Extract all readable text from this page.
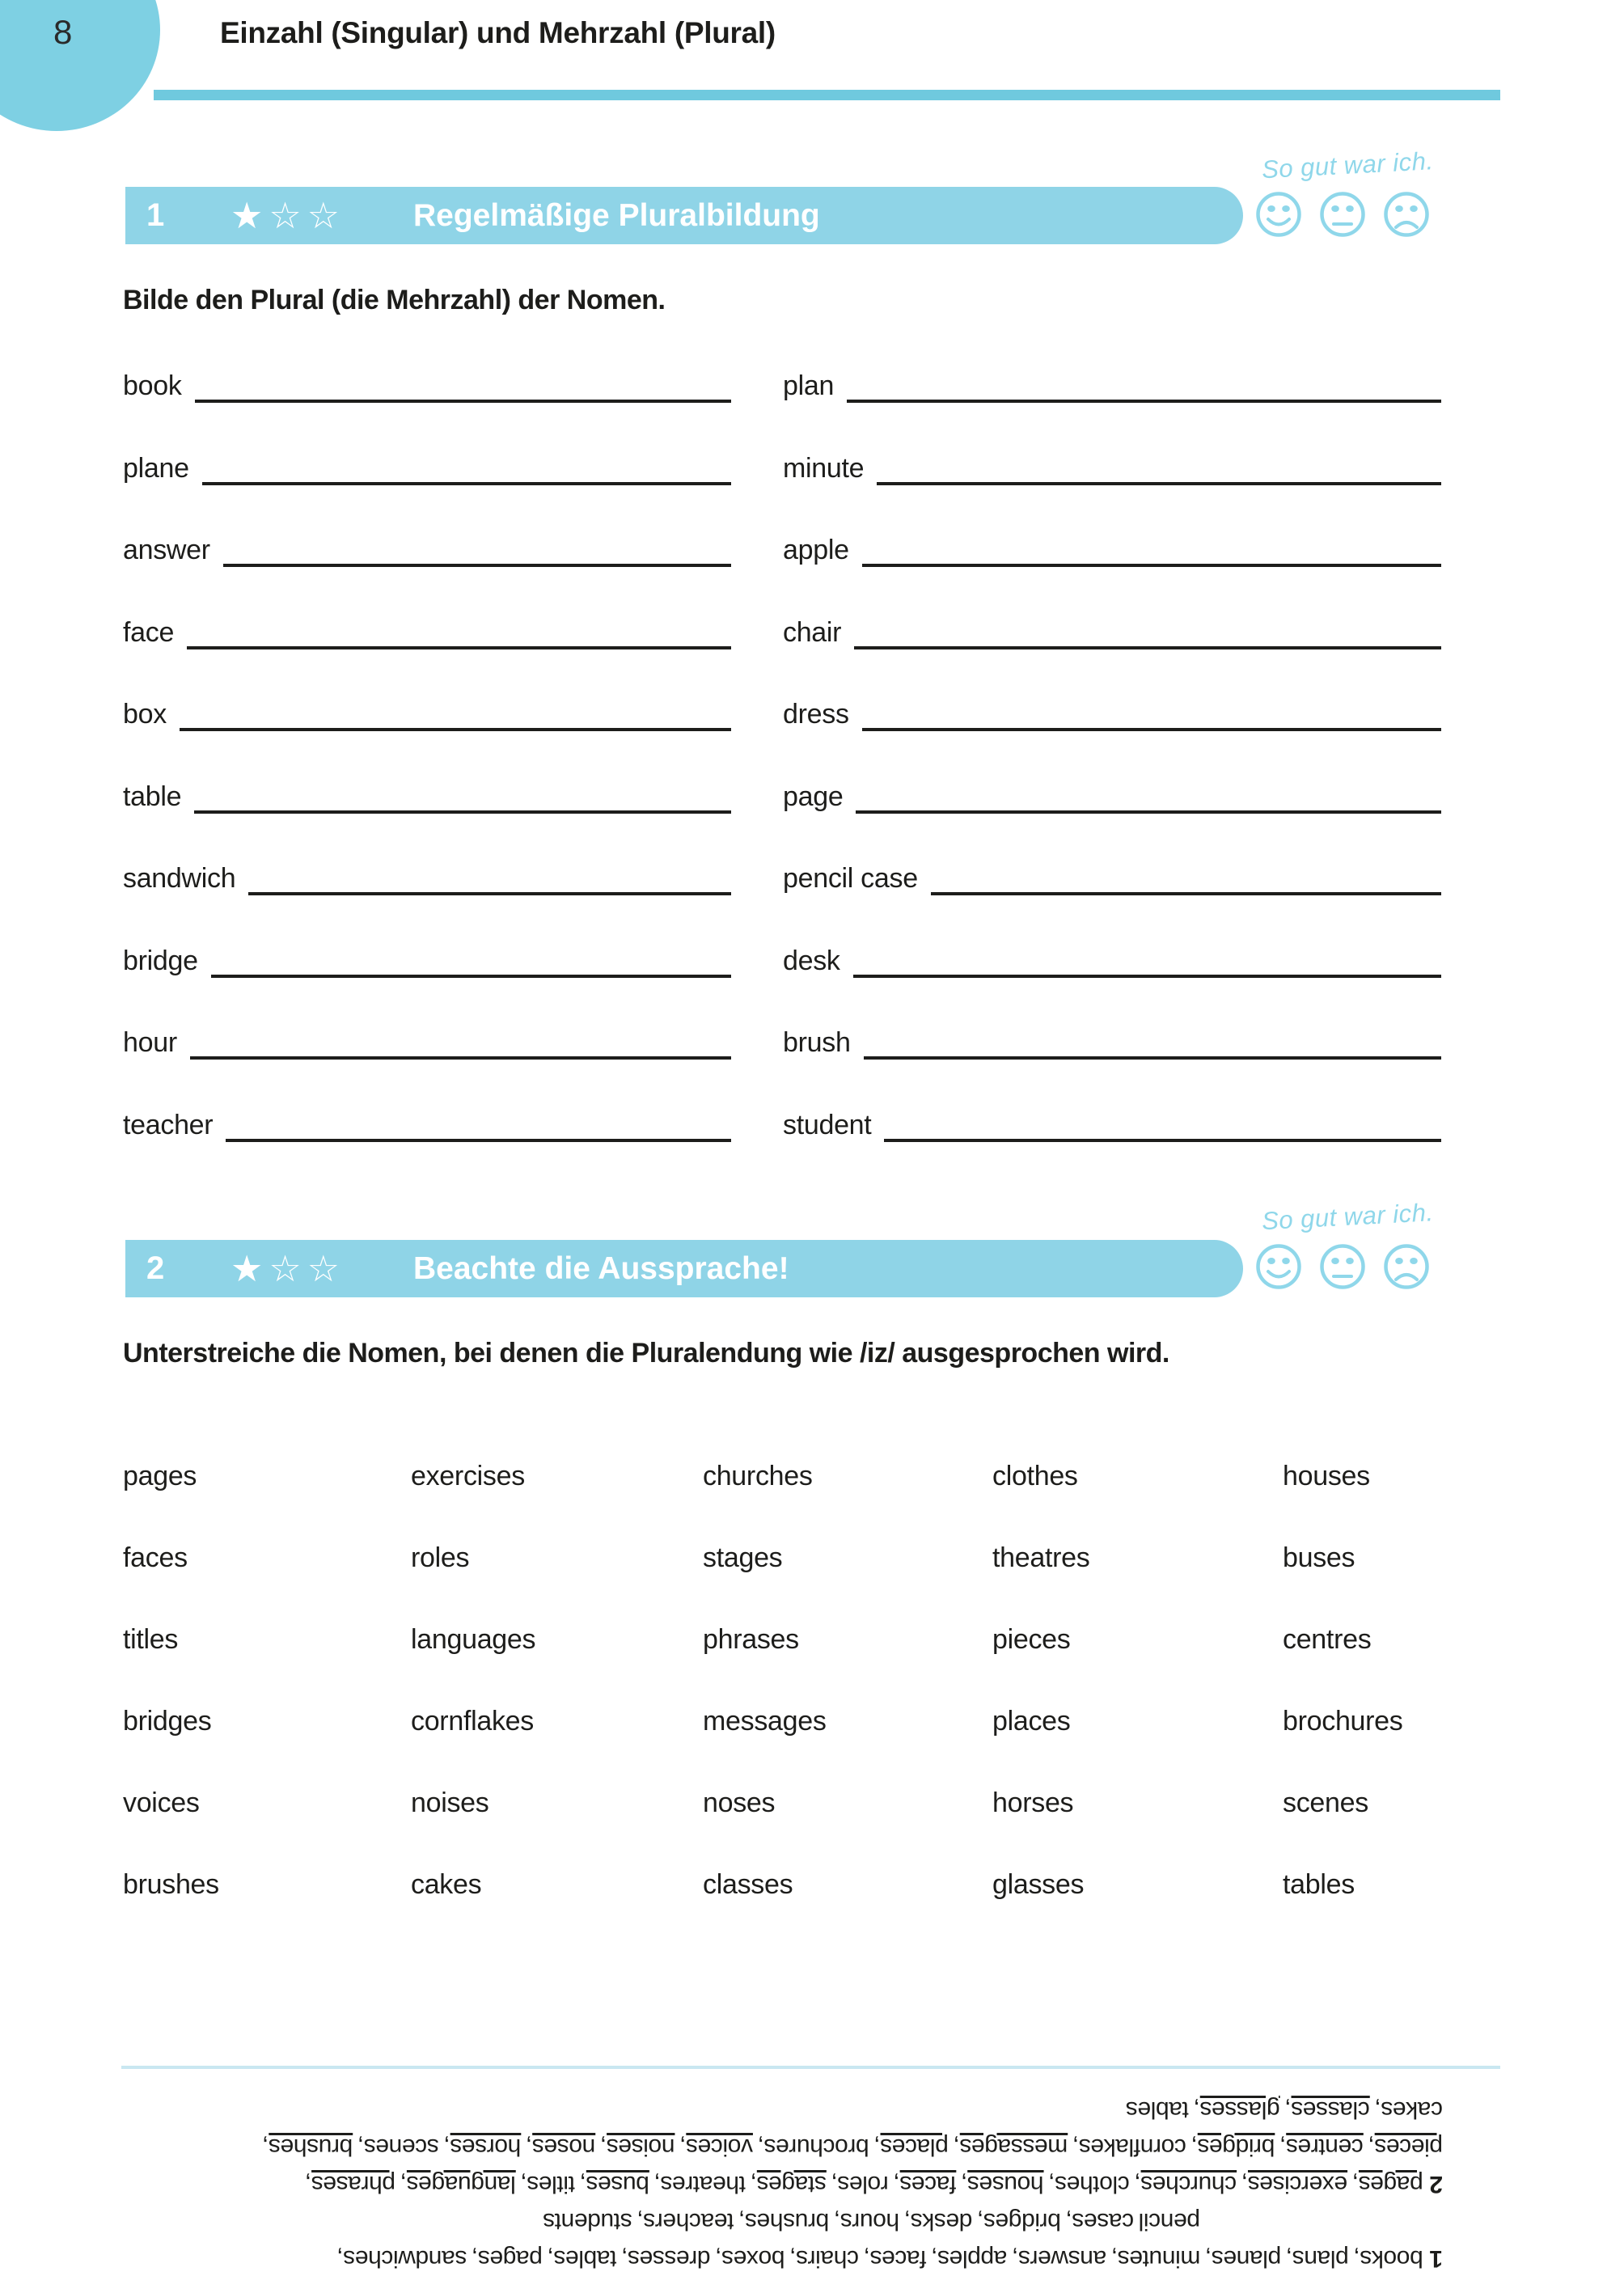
8	Einzahl (Singular) und Mehrzahl (Plural)
So gut war ich.
1	★☆☆	Regelmäßige Pluralbildung
Bilde den Plural (die Mehrzahl) der Nomen.
book	plan
plane	minute
answer	apple
face	chair
box	dress
table	page
sandwich	pencil case
bridge	desk
hour	brush
teacher	student
So gut war ich.
2	★☆☆	Beachte die Aussprache!
Unterstreiche die Nomen, bei denen die Pluralendung wie /iz/ ausgesprochen wird.
pages	exercises	churches	clothes	houses
faces	roles	stages	theatres	buses
titles	languages	phrases	pieces	centres
bridges	cornflakes	messages	places	brochures
voices	noises	noses	horses	scenes
brushes	cakes	classes	glasses	tables
1books, plans, planes, minutes, answers, apples, faces, chairs, boxes, dresses, tables, pages, sandwiches,
pencil cases, bridges, desks, hours, brushes, teachers, students
2pages, exercises, churches, clothes, houses, faces, roles, stages, theatres, buses, titles, languages, phrases,
pieces, centres, bridges, cornflakes, messages, places, brochures, voices, noises, noses, horses, scenes, brushes,
cakes, classes, glasses, tables
